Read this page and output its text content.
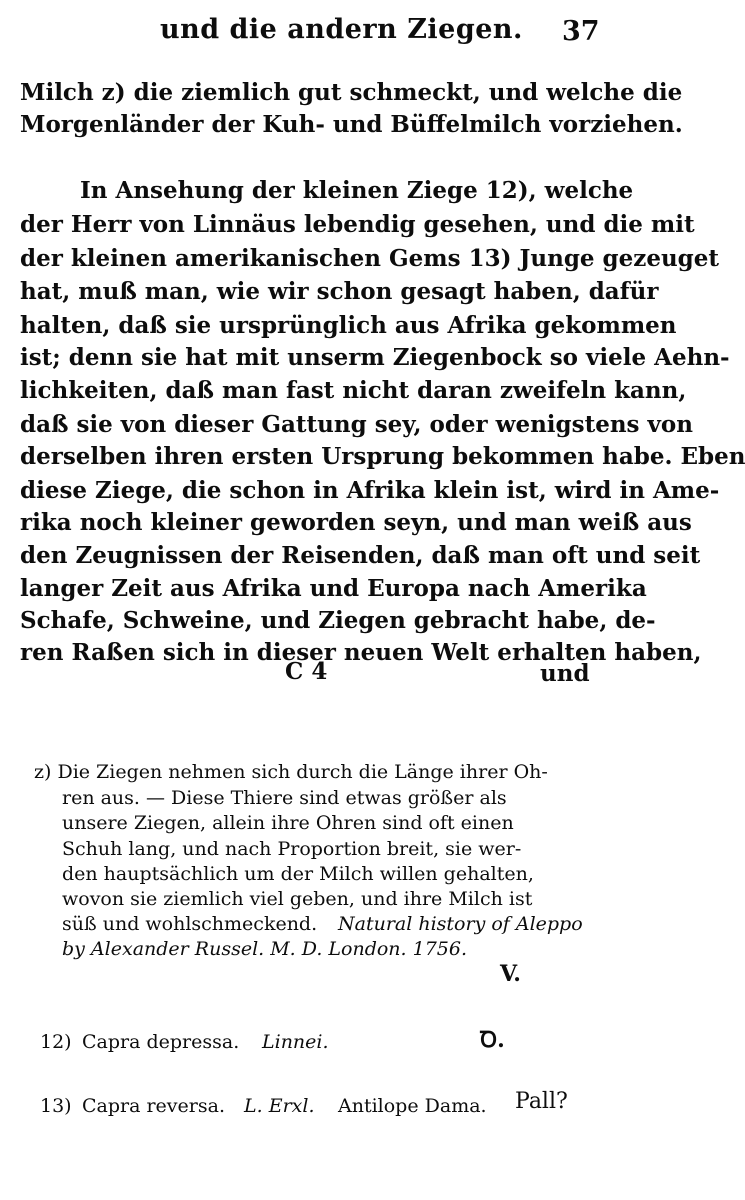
und die andern Ziegen. 37
Milch z) die ziemlich gut schmeckt, und welche die
Morgenländer der Kuh- und Büffelmilch vorziehen.
In Ansehung der kleinen Ziege 12), welche
der Herr von Linnäus lebendig gesehen, und die mit
der kleinen amerikanischen Gems 13) Junge gezeuget
hat, muß man, wie wir schon gesagt haben, dafür
halten, daß sie ursprünglich aus Afrika gekommen
ist; denn sie hat mit unserm Ziegenbock so viele Aehn-
lichkeiten, daß man fast nicht daran zweifeln kann,
daß sie von dieser Gattung sey, oder wenigstens von
derselben ihren ersten Ursprung bekommen habe. Eben
diese Ziege, die schon in Afrika klein ist, wird in Ame-
rika noch kleiner geworden seyn, und man weiß aus
den Zeugnissen der Reisenden, daß man oft und seit
langer Zeit aus Afrika und Europa nach Amerika
Schafe, Schweine, und Ziegen gebracht habe, de-
ren Raßen sich in dieser neuen Welt erhalten haben,
C 4	und
z) Die Ziegen nehmen sich durch die Länge ihrer Oh-
ren aus. — Diese Thiere sind etwas größer als
unsere Ziegen, allein ihre Ohren sind oft einen
Schuh lang, und nach Proportion breit, sie wer-
den hauptsächlich um der Milch willen gehalten,
wovon sie ziemlich viel geben, und ihre Milch ist
süß und wohlschmeckend.	Natural history of Aleppo
by Alexander Russel. M. D. London. 1756.
V.
12) Capra depressa. Linnei.	Ꝺ.
13) Capra reversa. L. Erxl. Antilope Dama. Pall?
